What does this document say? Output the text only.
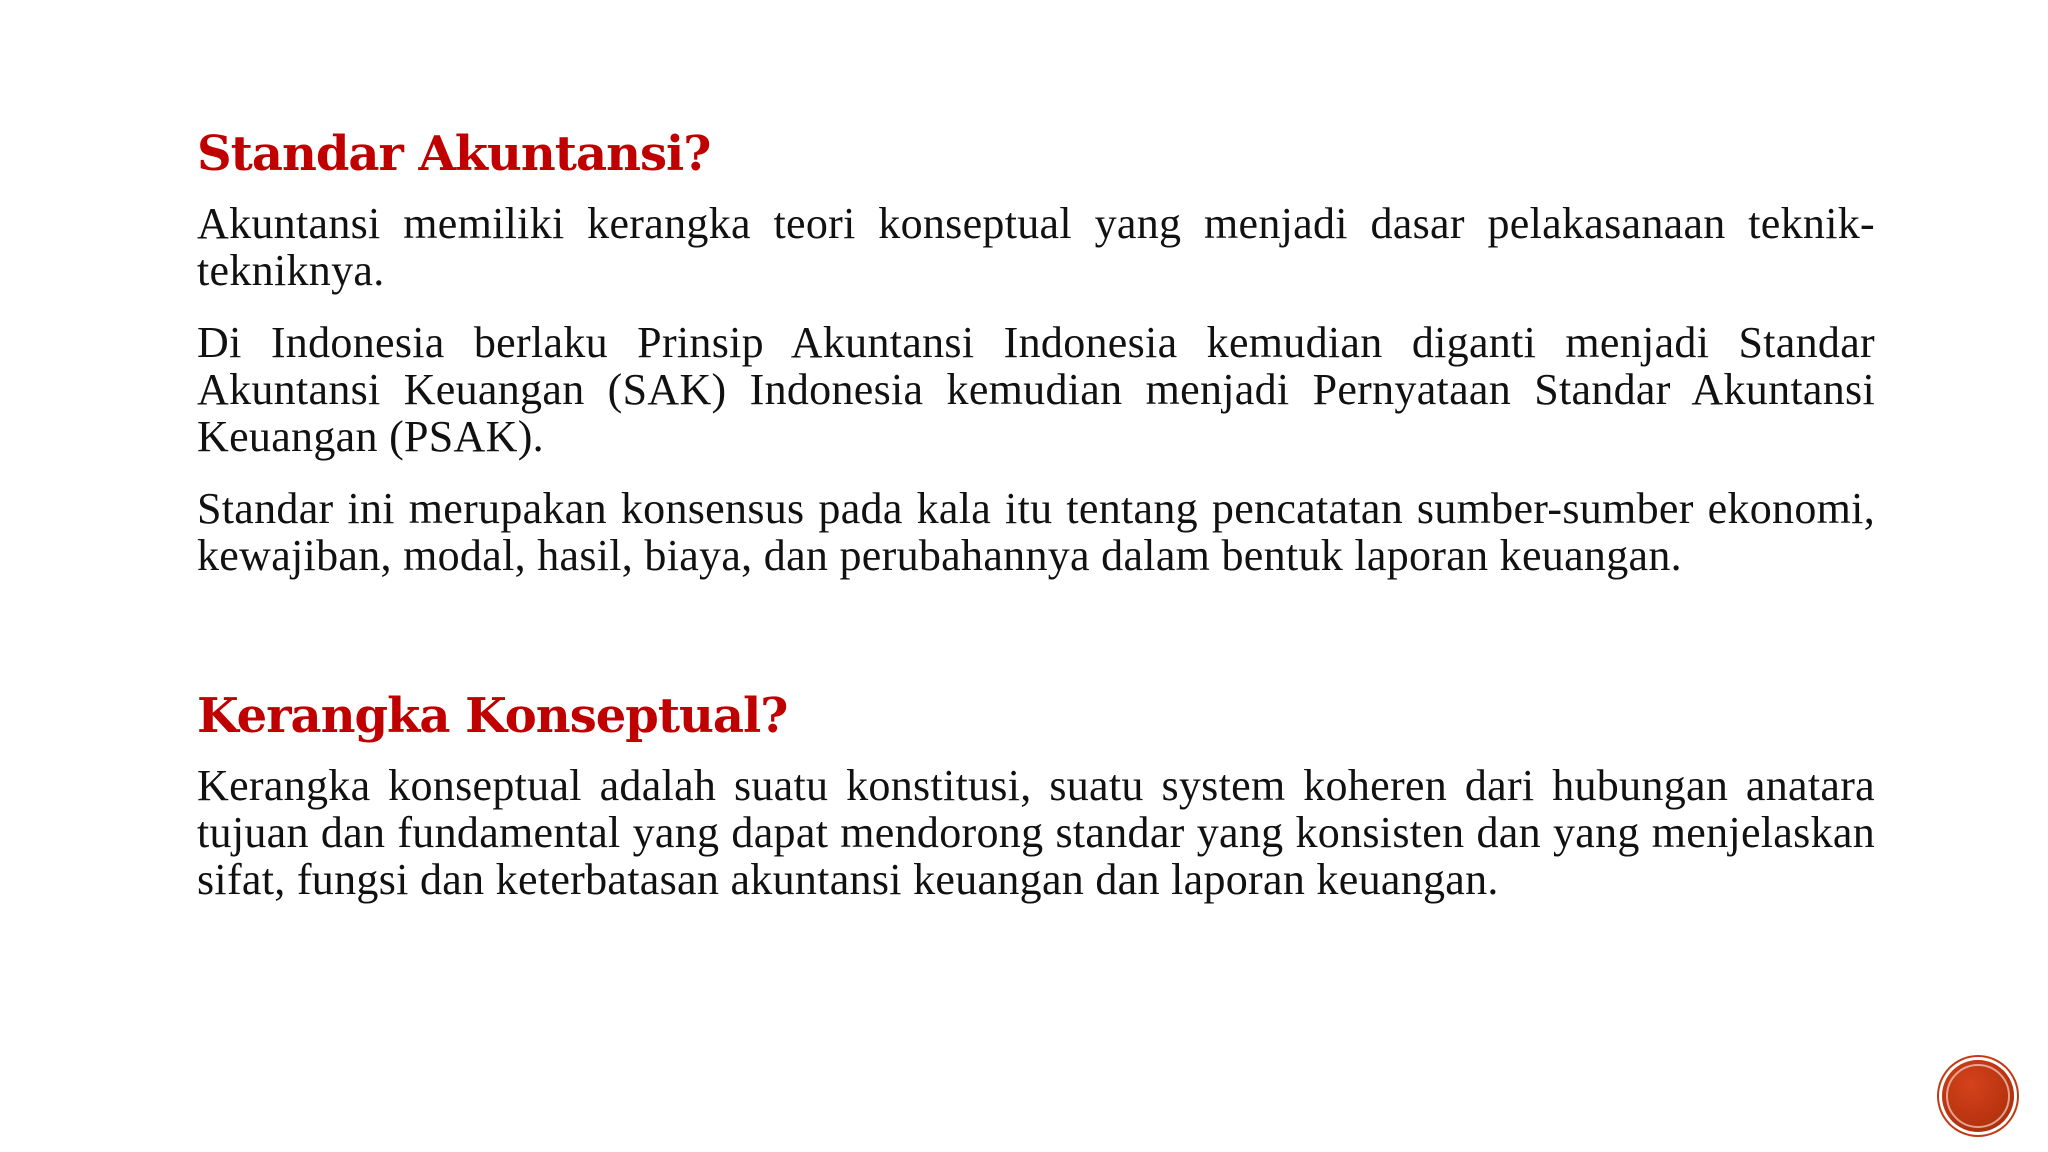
Standar Akuntansi?

Akuntansi memiliki kerangka teori konseptual yang menjadi dasar pelakasanaan teknik-tekniknya.

Di Indonesia berlaku Prinsip Akuntansi Indonesia kemudian diganti menjadi Standar Akuntansi Keuangan (SAK) Indonesia kemudian menjadi Pernyataan Standar Akuntansi Keuangan (PSAK).

Standar ini merupakan konsensus pada kala itu tentang pencatatan sumber-sumber ekonomi, kewajiban, modal, hasil, biaya, dan perubahannya dalam bentuk laporan keuangan.

Kerangka Konseptual?

Kerangka konseptual adalah suatu konstitusi, suatu system koheren dari hubungan anatara tujuan dan fundamental yang dapat mendorong standar yang konsisten dan yang menjelaskan sifat, fungsi dan keterbatasan akuntansi keuangan dan laporan keuangan.
